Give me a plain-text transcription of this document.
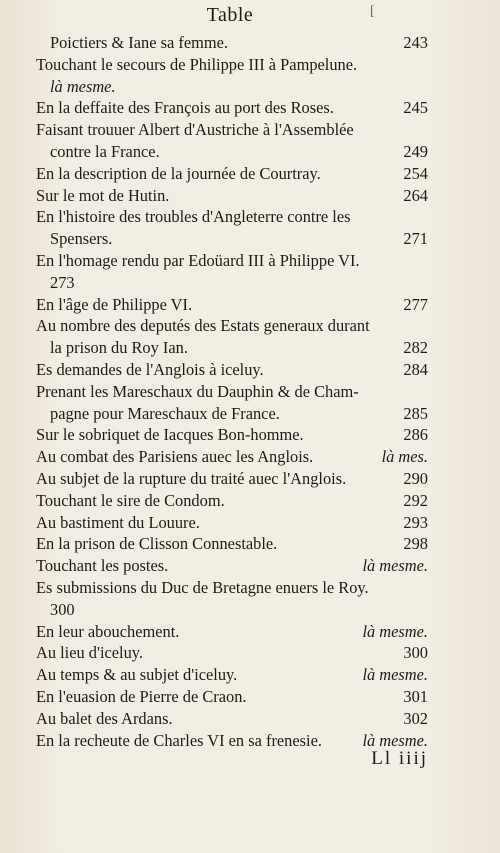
Table	[
Poictiers & Iane sa femme.	243
Touchant le secours de Philippe III à Pampelune.
là mesme.
En la deffaite des François au port des Roses.	245
Faisant trouuer Albert d'Austriche à l'Assemblée
contre la France.	249
En la description de la journée de Courtray.	254
Sur le mot de Hutin.	264
En l'histoire des troubles d'Angleterre contre les
Spensers.	271
En l'homage rendu par Edoüard III à Philippe VI.
273
En l'âge de Philippe VI.	277
Au nombre des deputés des Estats generaux durant
la prison du Roy Ian.	282
Es demandes de l'Anglois à iceluy.	284
Prenant les Mareschaux du Dauphin & de Cham-
pagne pour Mareschaux de France.	285
Sur le sobriquet de Iacques Bon-homme.	286
Au combat des Parisiens auec les Anglois.	là mes.
Au subjet de la rupture du traité auec l'Anglois.	290
Touchant le sire de Condom.	292
Au bastiment du Louure.	293
En la prison de Clisson Connestable.	298
Touchant les postes.	là mesme.
Es submissions du Duc de Bretagne enuers le Roy.
300
En leur abouchement.	là mesme.
Au lieu d'iceluy.	300
Au temps & au subjet d'iceluy.	là mesme.
En l'euasion de Pierre de Craon.	301
Au balet des Ardans.	302
En la recheute de Charles VI en sa frenesie. là mesme.
Ll iiij
